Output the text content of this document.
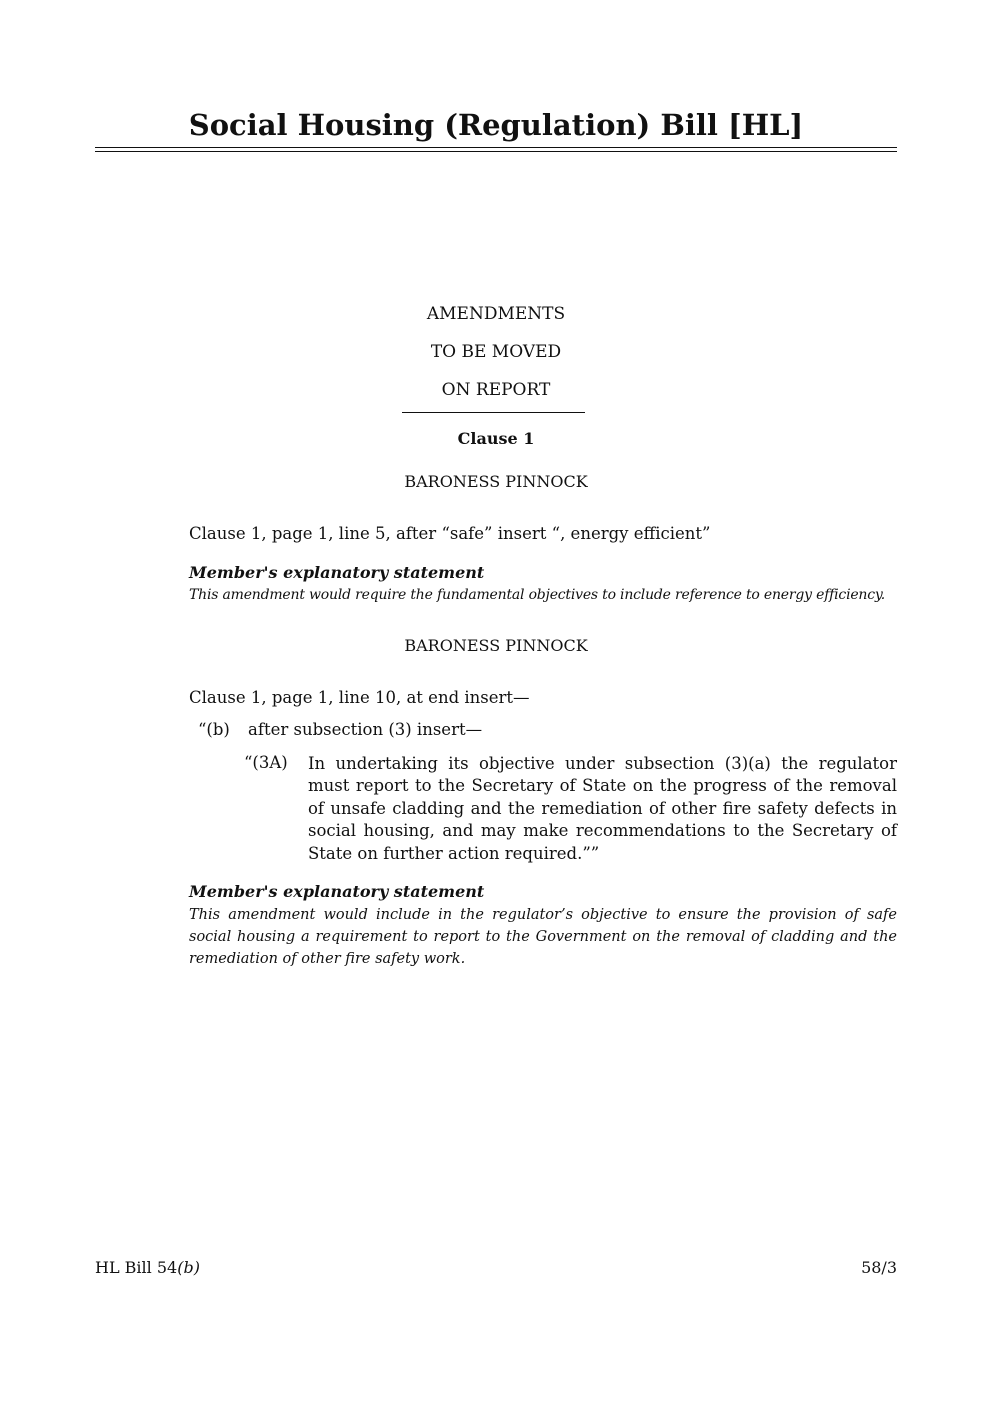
Social Housing (Regulation) Bill [HL]
AMENDMENTS
TO BE MOVED
ON REPORT
Clause 1
BARONESS PINNOCK
Clause 1, page 1, line 5, after “safe” insert “, energy efficient”
Member's explanatory statement
This amendment would require the fundamental objectives to include reference to energy efficiency.
BARONESS PINNOCK
Clause 1, page 1, line 10, at end insert—
“(b) after subsection (3) insert—
“(3A) In undertaking its objective under subsection (3)(a) the regulator must report to the Secretary of State on the progress of the removal of unsafe cladding and the remediation of other fire safety defects in social housing, and may make recommendations to the Secretary of State on further action required.””
Member's explanatory statement
This amendment would include in the regulator’s objective to ensure the provision of safe social housing a requirement to report to the Government on the removal of cladding and the remediation of other fire safety work.
HL Bill 54(b)	58/3
